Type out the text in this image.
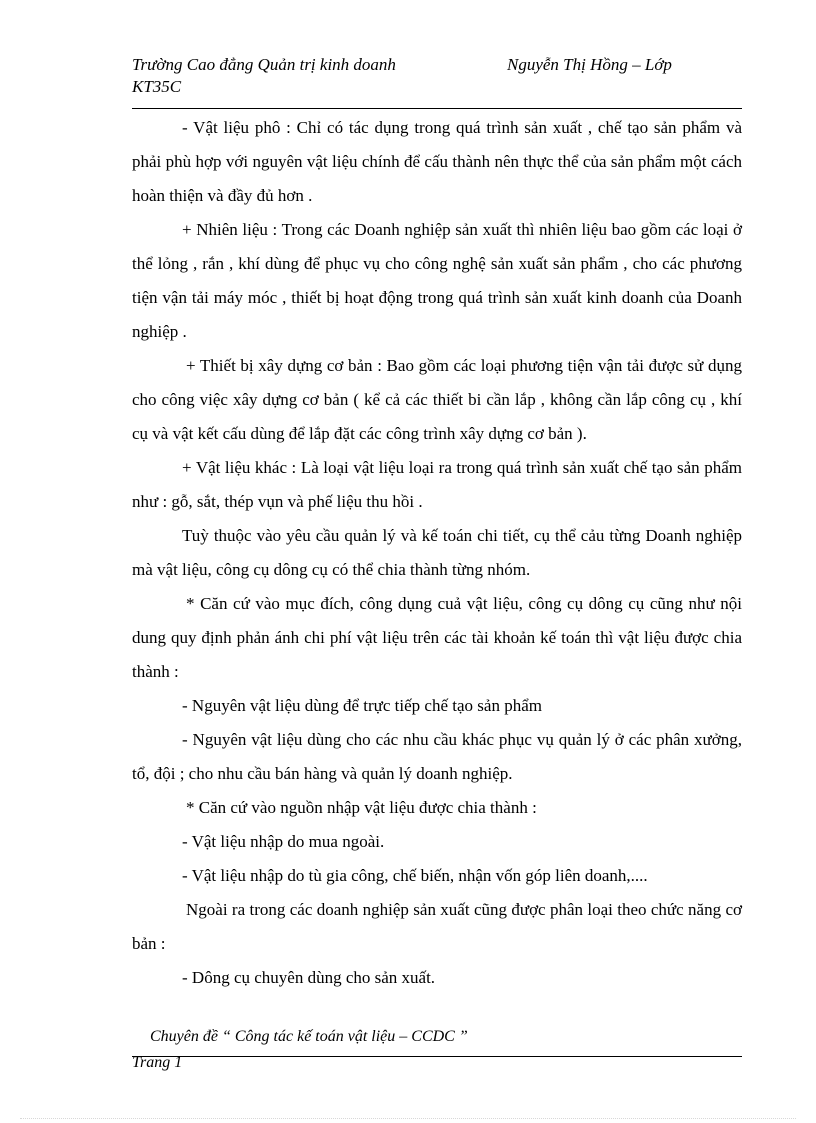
Trường Cao đẳng Quản trị kinh doanh	Nguyễn Thị Hồng – Lớp
KT35C

- Vật liệu phô : Chỉ có tác dụng trong quá trình sản xuất , chế tạo sản phẩm và phải phù hợp với nguyên vật liệu chính để cấu thành nên thực thể của sản phẩm một cách hoàn thiện và đầy đủ hơn .

+ Nhiên liệu : Trong các Doanh nghiệp sản xuất thì nhiên liệu bao gồm các loại ở thể lỏng , rắn , khí dùng để phục vụ cho công nghệ sản xuất sản phẩm , cho các phương tiện vận tải máy móc , thiết bị hoạt động trong quá trình sản xuất kinh doanh của Doanh nghiệp .

+ Thiết bị xây dựng cơ bản : Bao gồm các loại phương tiện vận tải được sử dụng cho công việc xây dựng cơ bản ( kể cả các thiết bi cần lắp , không cần lắp công cụ , khí cụ và vật kết cấu dùng để lắp đặt các công trình xây dựng cơ bản ).

+ Vật liệu khác : Là loại vật liệu loại ra trong quá trình sản xuất chế tạo sản phẩm như : gỗ, sắt, thép vụn và phế liệu thu hồi .

Tuỳ thuộc vào yêu cầu quản lý và kế toán chi tiết, cụ thể cảu từng Doanh nghiệp mà vật liệu, công cụ dông cụ có thể chia thành từng nhóm.

* Căn cứ vào mục đích, công dụng cuả vật liệu, công cụ dông cụ cũng như nội dung quy định phản ánh chi phí vật liệu trên các tài khoản kế toán thì vật liệu được chia thành :

- Nguyên vật liệu dùng để trực tiếp chế tạo sản phẩm

- Nguyên vật liệu dùng cho các nhu cầu khác phục vụ quản lý ở các phân xưởng, tổ, đội ; cho nhu cầu bán hàng và quản lý doanh nghiệp.

* Căn cứ vào nguồn nhập vật liệu được chia thành :

- Vật liệu nhập do mua ngoài.

- Vật liệu nhập do tù gia công, chế biến, nhận vốn góp liên doanh,....

Ngoài ra trong các doanh nghiệp sản xuất cũng được phân loại theo chức năng cơ bản :

- Dông cụ chuyên dùng cho sản xuất.

Chuyên đề “ Công tác kế toán vật liệu – CCDC ”
Trang 1
